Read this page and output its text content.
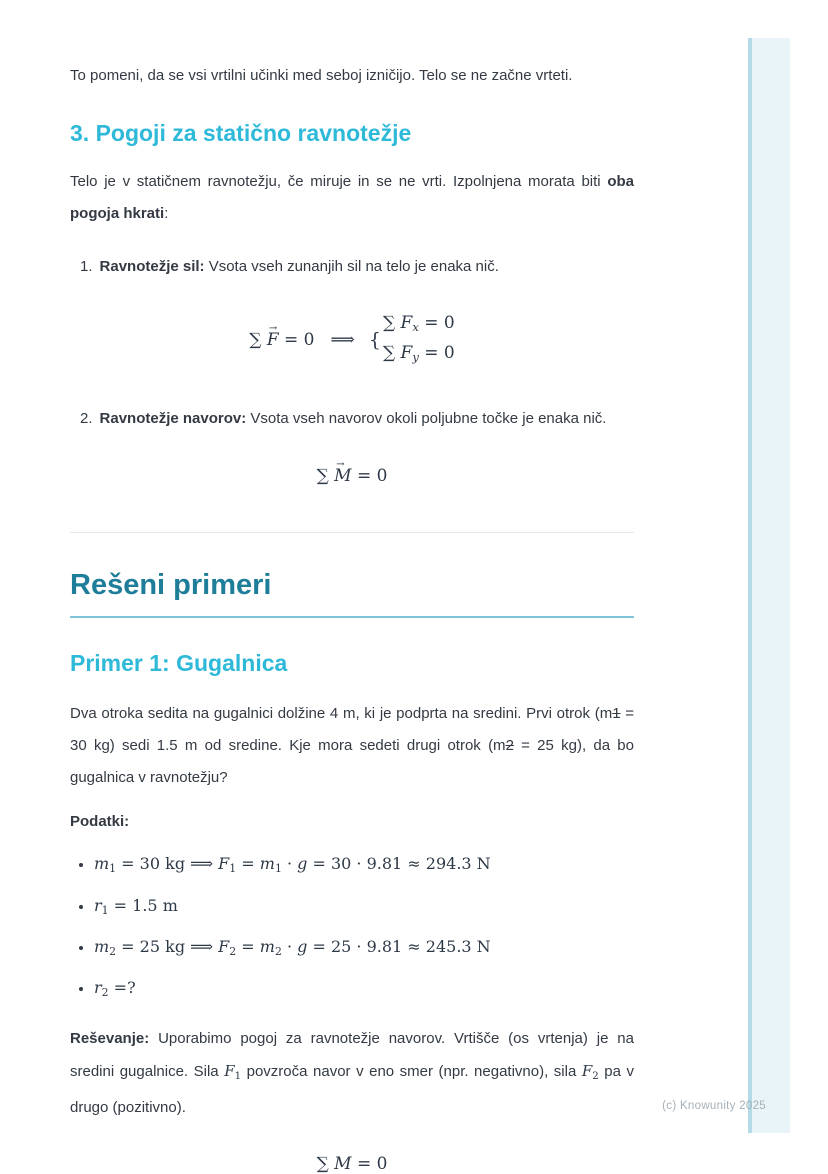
To pomeni, da se vsi vrtilni učinki med seboj izničijo. Telo se ne začne vrteti.

3. Pogoji za statično ravnotežje

Telo je v statičnem ravnotežju, če miruje in se ne vrti. Izpolnjena morata biti oba pogoja hkrati:

1. Ravnotežje sil: Vsota vseh zunanjih sil na telo je enaka nič.
∑ F → = 0 ⟹ {
∑ Fx = 0
∑ Fy = 0
2. Ravnotežje navorov: Vsota vseh navorov okoli poljubne točke je enaka nič.
∑ M → = 0
Rešeni primeri
Primer 1: Gugalnica

Dva otroka sedita na gugalnici dolžine 4 m, ki je podprta na sredini. Prvi otrok (m1 = 30 kg) sedi 1.5 m od sredine. Kje mora sedeti drugi otrok (m2 = 25 kg), da bo gugalnica v ravnotežju?

Podatki:

• m1 = 30 kg ⟹ F1 = m1 · g = 30 · 9.81 ≈ 294.3 N
• r1 = 1.5 m
• m2 = 25 kg ⟹ F2 = m2 · g = 25 · 9.81 ≈ 245.3 N
• r2 =?

Reševanje: Uporabimo pogoj za ravnotežje navorov. Vrtišče (os vrtenja) je na sredini gugalnice. Sila F1 povzroča navor v eno smer (npr. negativno), sila F2 pa v drugo (pozitivno).

∑ M = 0
(c) Knowunity 2025
